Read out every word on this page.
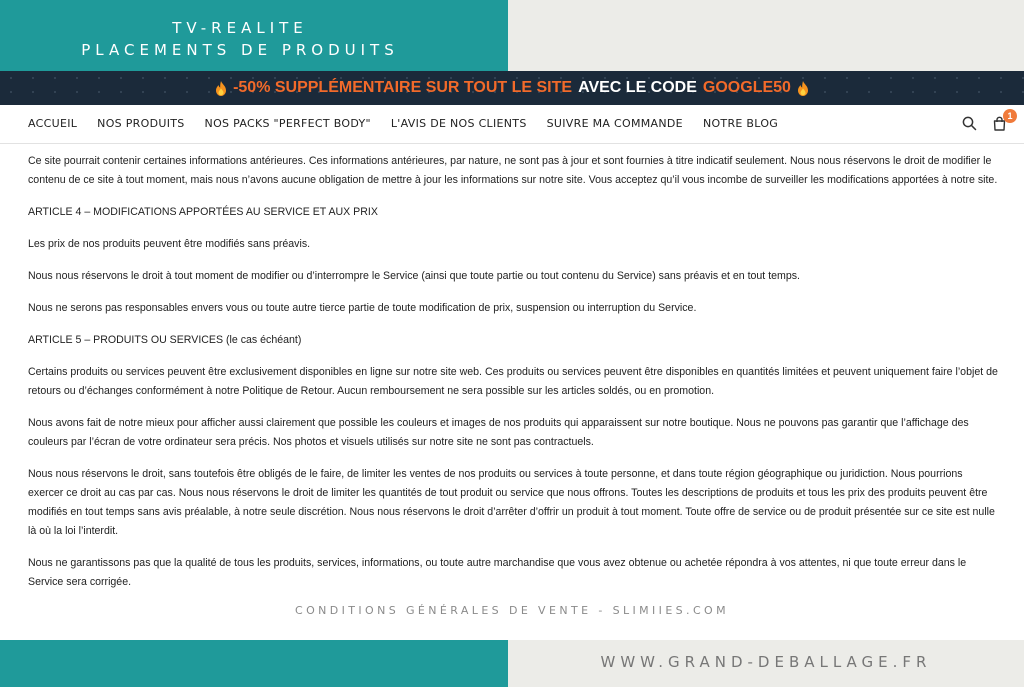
TV-REALITE
PLACEMENTS DE PRODUITS
-50% SUPPLÉMENTAIRE SUR TOUT LE SITE AVEC LE CODE GOOGLE50
ACCUEIL NOS PRODUITS NOS PACKS "PERFECT BODY" L'AVIS DE NOS CLIENTS SUIVRE MA COMMANDE NOTRE BLOG
1

Ce site pourrait contenir certaines informations antérieures. Ces informations antérieures, par nature, ne sont pas à jour et sont fournies à titre indicatif seulement. Nous nous réservons le droit de modifier le contenu de ce site à tout moment, mais nous n’avons aucune obligation de mettre à jour les informations sur notre site. Vous acceptez qu’il vous incombe de surveiller les modifications apportées à notre site.

ARTICLE 4 – MODIFICATIONS APPORTÉES AU SERVICE ET AUX PRIX

Les prix de nos produits peuvent être modifiés sans préavis.

Nous nous réservons le droit à tout moment de modifier ou d’interrompre le Service (ainsi que toute partie ou tout contenu du Service) sans préavis et en tout temps.

Nous ne serons pas responsables envers vous ou toute autre tierce partie de toute modification de prix, suspension ou interruption du Service.

ARTICLE 5 – PRODUITS OU SERVICES (le cas échéant)

Certains produits ou services peuvent être exclusivement disponibles en ligne sur notre site web. Ces produits ou services peuvent être disponibles en quantités limitées et peuvent uniquement faire l’objet de retours ou d’échanges conformément à notre Politique de Retour. Aucun remboursement ne sera possible sur les articles soldés, ou en promotion.

Nous avons fait de notre mieux pour afficher aussi clairement que possible les couleurs et images de nos produits qui apparaissent sur notre boutique. Nous ne pouvons pas garantir que l’affichage des couleurs par l’écran de votre ordinateur sera précis. Nos photos et visuels utilisés sur notre site ne sont pas contractuels.

Nous nous réservons le droit, sans toutefois être obligés de le faire, de limiter les ventes de nos produits ou services à toute personne, et dans toute région géographique ou juridiction. Nous pourrions exercer ce droit au cas par cas. Nous nous réservons le droit de limiter les quantités de tout produit ou service que nous offrons. Toutes les descriptions de produits et tous les prix des produits peuvent être modifiés en tout temps sans avis préalable, à notre seule discrétion. Nous nous réservons le droit d’arrêter d’offrir un produit à tout moment. Toute offre de service ou de produit présentée sur ce site est nulle là où la loi l’interdit.

Nous ne garantissons pas que la qualité de tous les produits, services, informations, ou toute autre marchandise que vous avez obtenue ou achetée répondra à vos attentes, ni que toute erreur dans le Service sera corrigée.

CONDITIONS GÉNÉRALES DE VENTE - SLIMIIES.COM
WWW.GRAND-DEBALLAGE.FR
